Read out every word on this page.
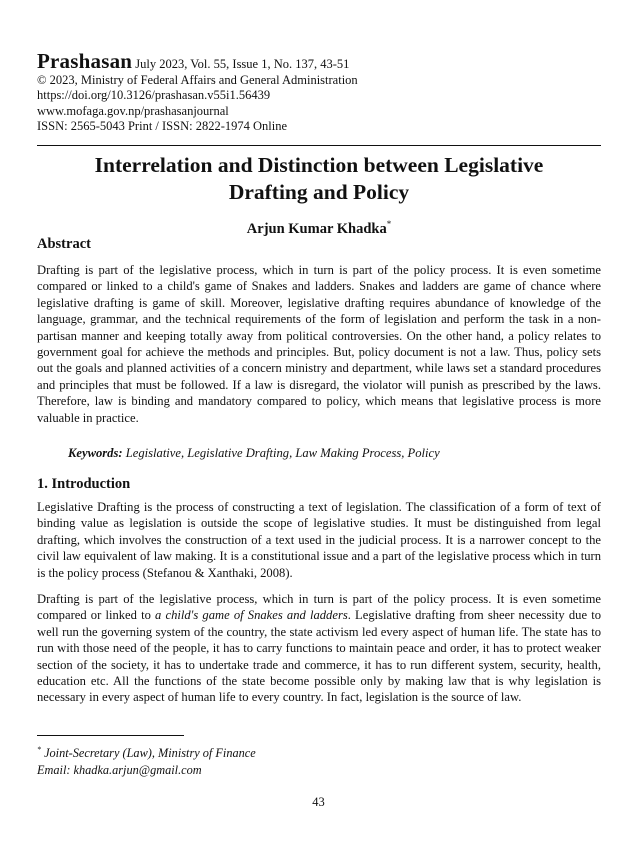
Prashasan July 2023, Vol. 55, Issue 1, No. 137, 43-51
© 2023, Ministry of Federal Affairs and General Administration
https://doi.org/10.3126/prashasan.v55i1.56439
www.mofaga.gov.np/prashasanjournal
ISSN: 2565-5043 Print / ISSN: 2822-1974 Online
Interrelation and Distinction between Legislative
Drafting and Policy
Arjun Kumar Khadka*
Abstract
Drafting is part of the legislative process, which in turn is part of the policy process. It is even sometime compared or linked to a child's game of Snakes and ladders. Snakes and ladders are game of chance where legislative drafting is game of skill. Moreover, legislative drafting requires abundance of knowledge of the language, grammar, and the technical requirements of the form of legislation and perform the task in a non-partisan manner and keeping totally away from political controversies. On the other hand, a policy relates to government goal for achieve the methods and principles. But, policy document is not a law. Thus, policy sets out the goals and planned activities of a concern ministry and department, while laws set a standard procedures and principles that must be followed. If a law is disregard, the violator will punish as prescribed by the laws. Therefore, law is binding and mandatory compared to policy, which means that legislative process is more valuable in practice.
Keywords: Legislative, Legislative Drafting, Law Making Process, Policy
1. Introduction
Legislative Drafting is the process of constructing a text of legislation. The classification of a form of text of binding value as legislation is outside the scope of legislative studies. It must be distinguished from legal drafting, which involves the construction of a text used in the judicial process. It is a narrower concept to the civil law equivalent of law making. It is a constitutional issue and a part of the legislative process which in turn is the policy process (Stefanou & Xanthaki, 2008).
Drafting is part of the legislative process, which in turn is part of the policy process. It is even sometime compared or linked to a child's game of Snakes and ladders. Legislative drafting from sheer necessity due to well run the governing system of the country, the state activism led every aspect of human life. The state has to run with those need of the people, it has to carry functions to maintain peace and order, it has to protect weaker section of the society, it has to undertake trade and commerce, it has to run different system, security, health, education etc. All the functions of the state become possible only by making law that is why legislation is necessary in every aspect of human life to every country. In fact, legislation is the source of law.
* Joint-Secretary (Law), Ministry of Finance
Email: khadka.arjun@gmail.com
43
